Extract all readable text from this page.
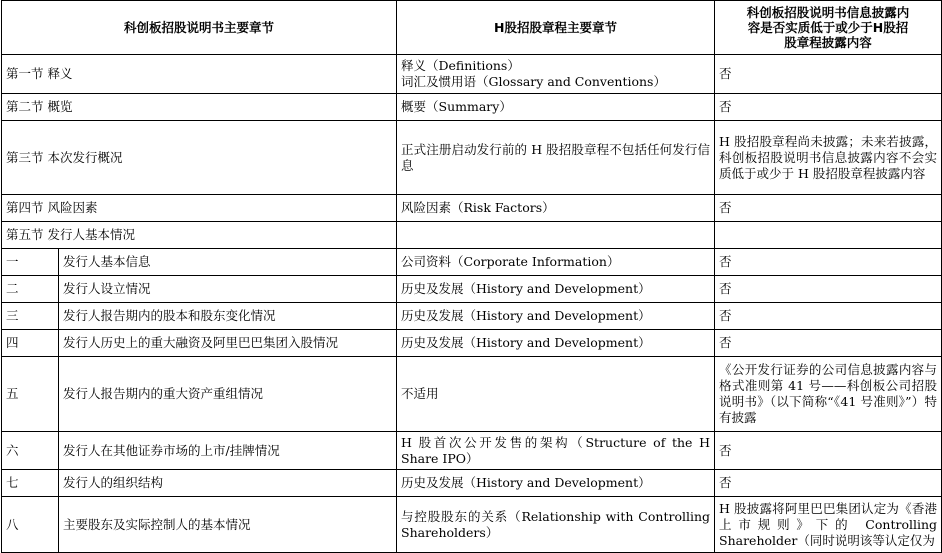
科创板招股说明书主要章节		H股招股章程主要章节	科创板招股说明书信息披露内
容是否实质低于或少于H股招
股章程披露内容
第一节 释义		释义（Definitions）
词汇及惯用语（Glossary and Conventions）	否
第二节 概览		概要（Summary）	否
第三节 本次发行概况		正式注册启动发行前的 H 股招股章程不包括任何发行信息	H 股招股章程尚未披露；未来若披露，科创板招股说明书信息披露内容不会实质低于或少于 H 股招股章程披露内容
第四节 风险因素		风险因素（Risk Factors）	否
第五节 发行人基本情况			
一	发行人基本信息	公司资料（Corporate Information）	否
二	发行人设立情况	历史及发展（History and Development）	否
三	发行人报告期内的股本和股东变化情况	历史及发展（History and Development）	否
四	发行人历史上的重大融资及阿里巴巴集团入股情况	历史及发展（History and Development）	否
五	发行人报告期内的重大资产重组情况	不适用	《公开发行证券的公司信息披露内容与格式准则第 41 号——科创板公司招股说明书》（以下简称“《41 号准则》”）特有披露
六	发行人在其他证券市场的上市/挂牌情况	H 股首次公开发售的架构（Structure of the H Share IPO）	否
七	发行人的组织结构	历史及发展（History and Development）	否
八	主要股东及实际控制人的基本情况	与控股股东的关系（Relationship with Controlling Shareholders）	H 股披露将阿里巴巴集团认定为《香港上市规则》下的 Controlling Shareholder（同时说明该等认定仅为
